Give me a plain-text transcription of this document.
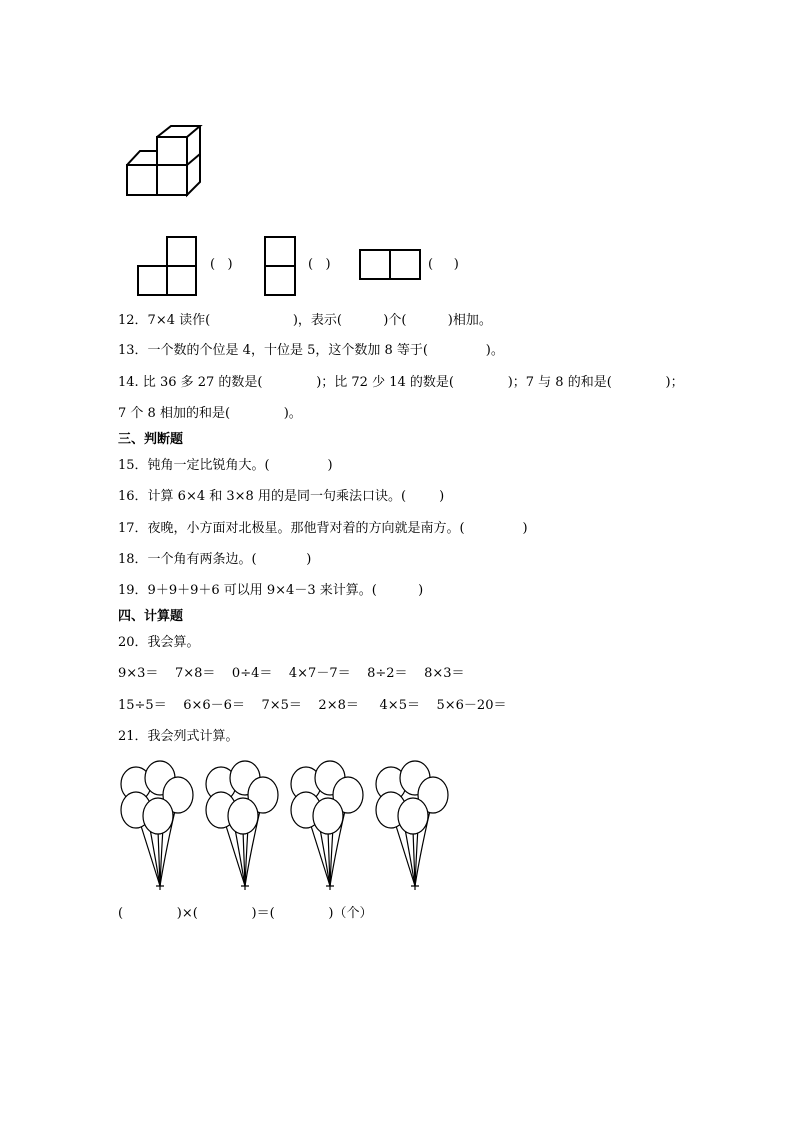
(   )	(   )	(     )
12．7×4 读作(                    )，表示(          )个(          )相加。
13．一个数的个位是 4，十位是 5，这个数加 8 等于(              )。
14. 比 36 多 27 的数是(             )；比 72 少 14 的数是(             )；7 与 8 的和是(             )；
7 个 8 相加的和是(             )。
三、判断题
15．钝角一定比锐角大。(              )
16．计算 6×4 和 3×8 用的是同一句乘法口诀。(        )
17．夜晚，小方面对北极星。那他背对着的方向就是南方。(              )
18．一个角有两条边。(            )
19．9＋9＋9＋6 可以用 9×4－3 来计算。(          )
四、计算题
20．我会算。
9×3＝    7×8＝    0÷4＝    4×7－7＝    8÷2＝    8×3＝
15÷5＝    6×6－6＝    7×5＝    2×8＝     4×5＝    5×6－20＝
21．我会列式计算。
(             )×(             )＝(             )（个）
